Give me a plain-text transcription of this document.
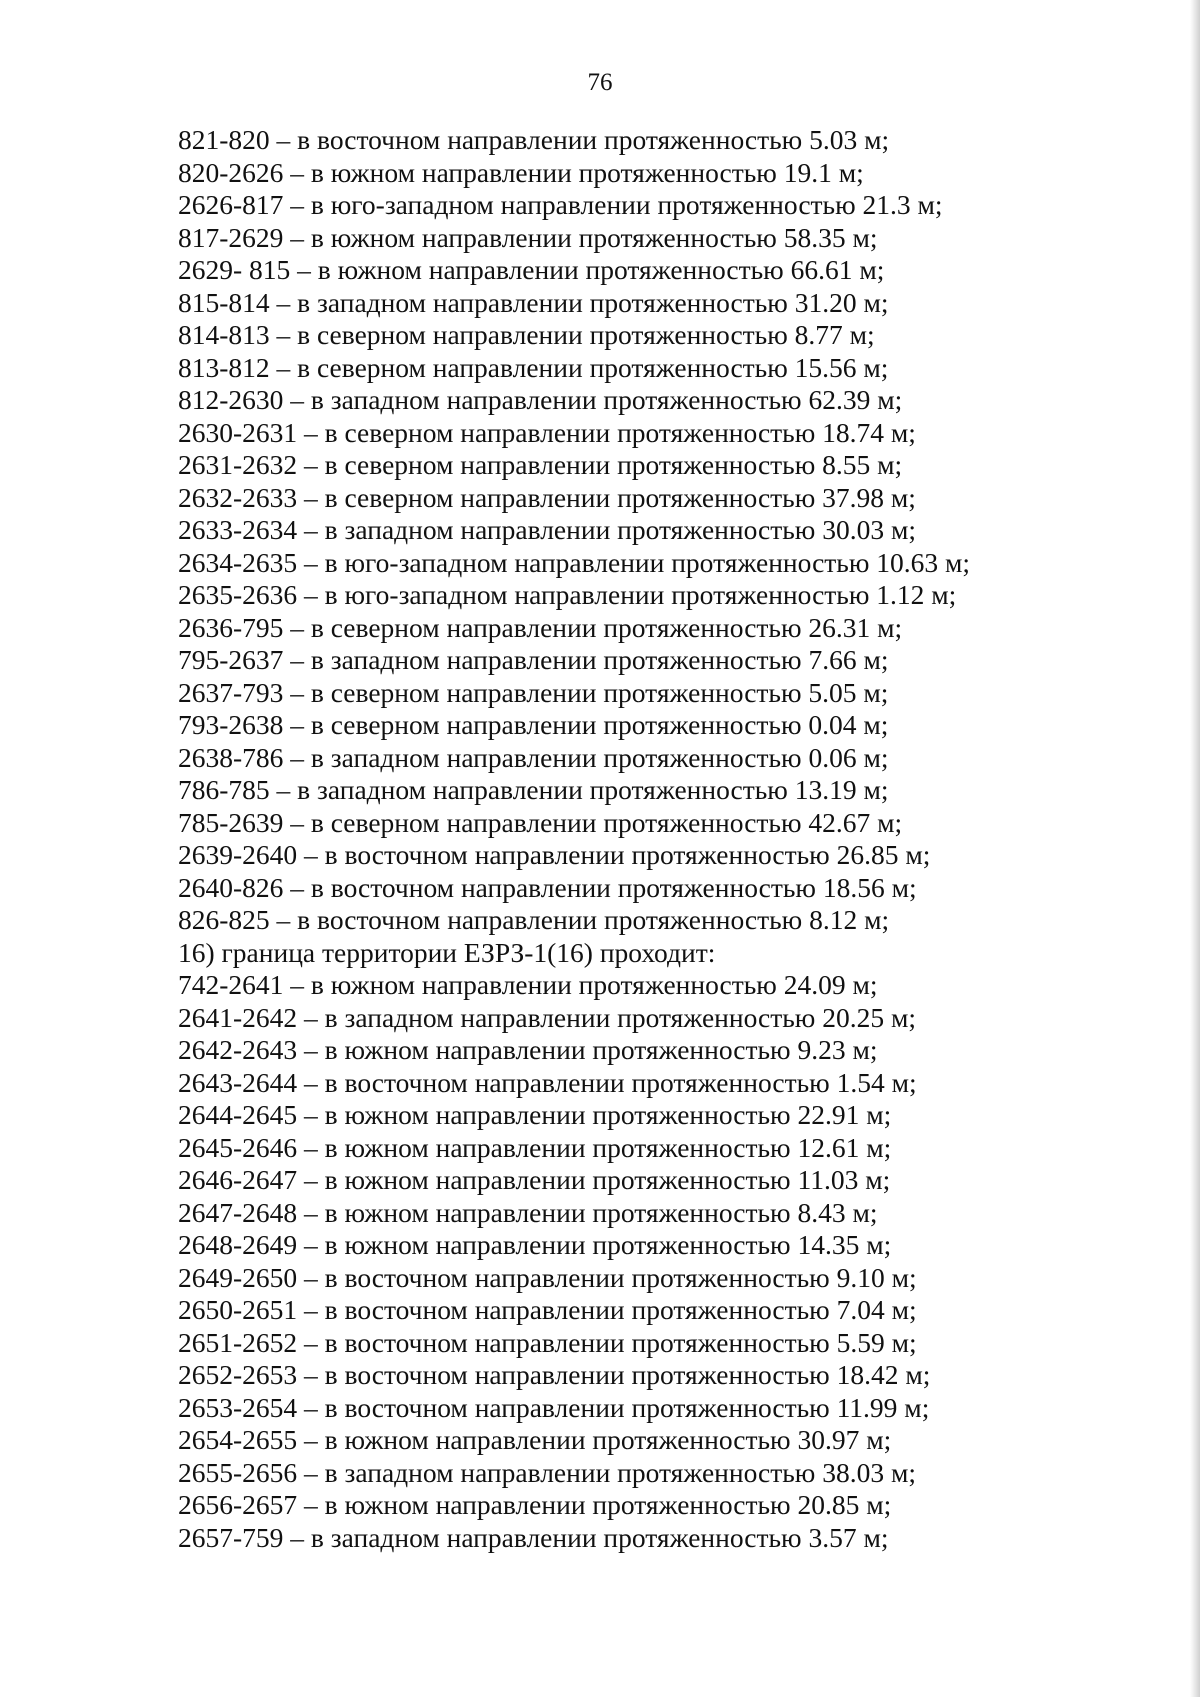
76
821-820 – в восточном направлении протяженностью 5.03 м;
820-2626 – в южном направлении протяженностью 19.1 м;
2626-817 – в юго-западном направлении протяженностью 21.3 м;
817-2629 – в южном направлении протяженностью 58.35 м;
2629- 815 – в южном направлении протяженностью 66.61 м;
815-814 – в западном направлении протяженностью 31.20 м;
814-813 – в северном направлении протяженностью 8.77 м;
813-812 – в северном направлении протяженностью 15.56 м;
812-2630 – в западном направлении протяженностью 62.39 м;
2630-2631 – в северном направлении протяженностью 18.74 м;
2631-2632 – в северном направлении протяженностью 8.55 м;
2632-2633 – в северном направлении протяженностью 37.98 м;
2633-2634 – в западном направлении протяженностью 30.03 м;
2634-2635 – в юго-западном направлении протяженностью 10.63 м;
2635-2636 – в юго-западном направлении протяженностью 1.12 м;
2636-795 – в северном направлении протяженностью 26.31 м;
795-2637 – в западном направлении протяженностью 7.66 м;
2637-793 – в северном направлении протяженностью 5.05 м;
793-2638 – в северном направлении протяженностью 0.04 м;
2638-786 – в западном направлении протяженностью 0.06 м;
786-785 – в западном направлении протяженностью 13.19 м;
785-2639 – в северном направлении протяженностью 42.67 м;
2639-2640 – в восточном направлении протяженностью 26.85 м;
2640-826 – в восточном направлении протяженностью 18.56 м;
826-825 – в восточном направлении протяженностью 8.12 м;
16) граница территории ЕЗРЗ-1(16) проходит:
742-2641 – в южном направлении протяженностью 24.09 м;
2641-2642 – в западном направлении протяженностью 20.25 м;
2642-2643 – в южном направлении протяженностью 9.23 м;
2643-2644 – в восточном направлении протяженностью 1.54 м;
2644-2645 – в южном направлении протяженностью 22.91 м;
2645-2646 – в южном направлении протяженностью 12.61 м;
2646-2647 – в южном направлении протяженностью 11.03 м;
2647-2648 – в южном направлении протяженностью 8.43 м;
2648-2649 – в южном направлении протяженностью 14.35 м;
2649-2650 – в восточном направлении протяженностью 9.10 м;
2650-2651 – в восточном направлении протяженностью 7.04 м;
2651-2652 – в восточном направлении протяженностью 5.59 м;
2652-2653 – в восточном направлении протяженностью 18.42 м;
2653-2654 – в восточном направлении протяженностью 11.99 м;
2654-2655 – в южном направлении протяженностью 30.97 м;
2655-2656 – в западном направлении протяженностью 38.03 м;
2656-2657 – в южном направлении протяженностью 20.85 м;
2657-759 – в западном направлении протяженностью 3.57 м;
